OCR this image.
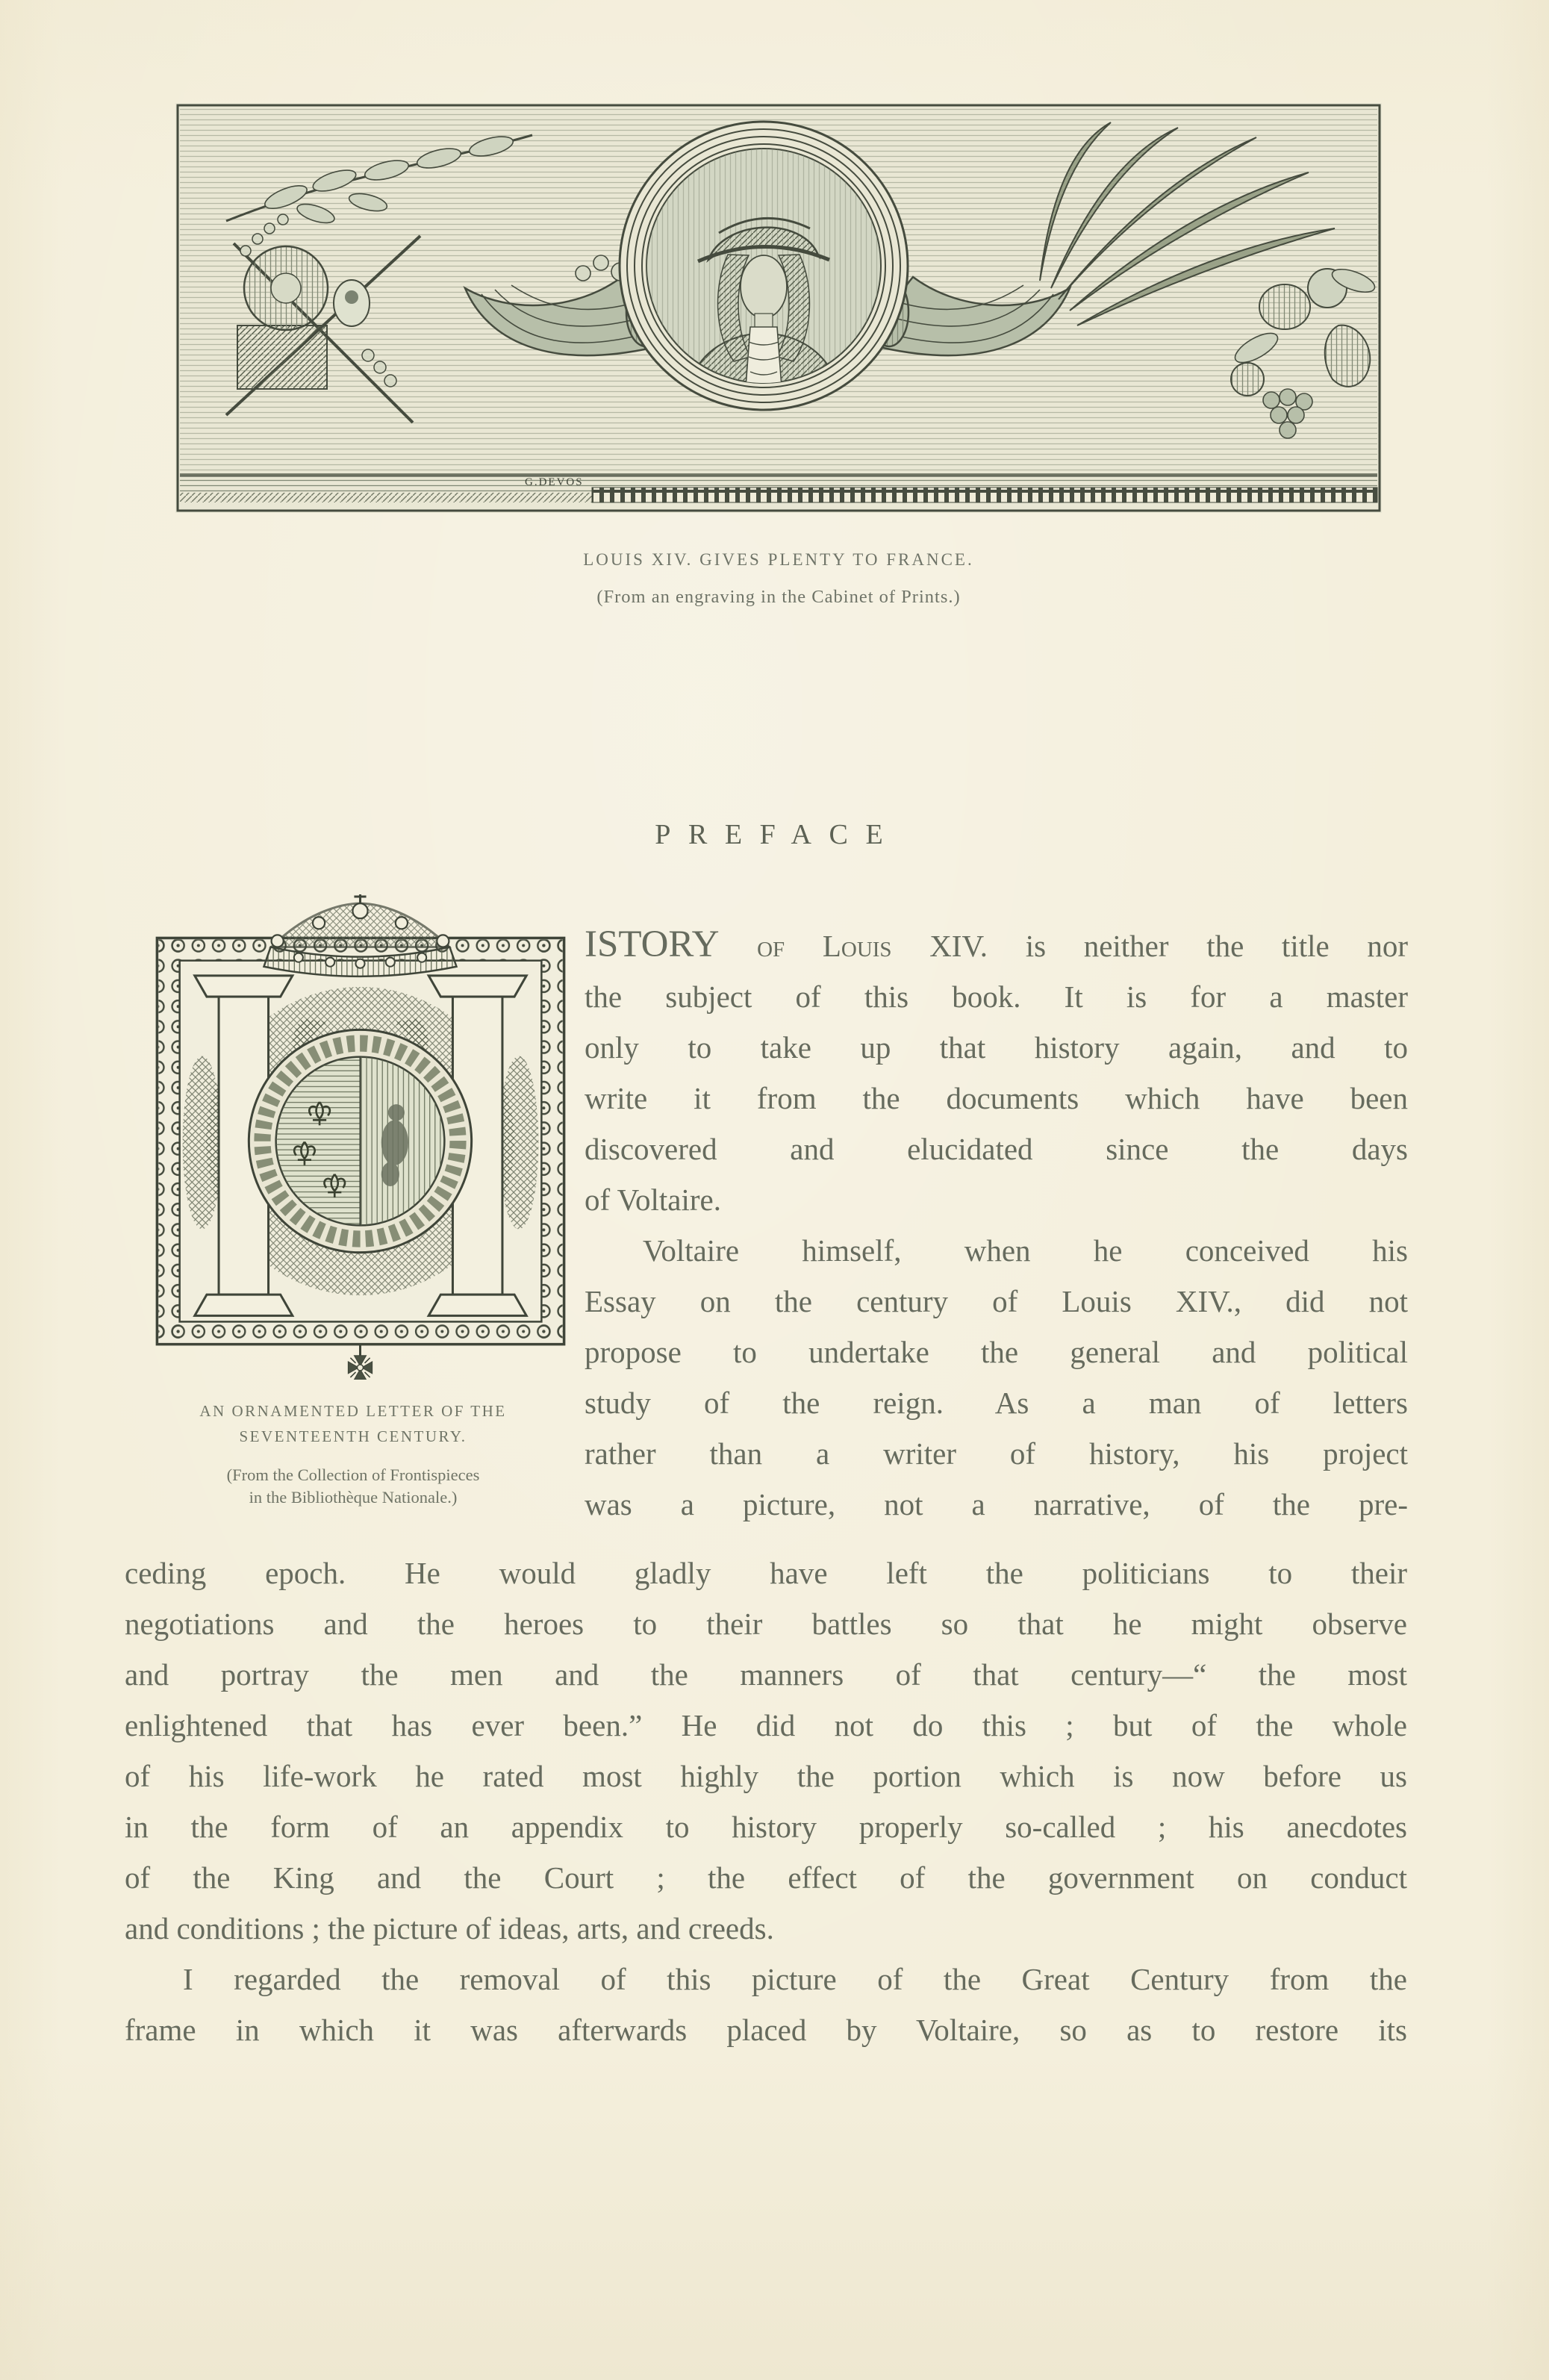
G.DEVOS
LOUIS XIV. GIVES PLENTY TO FRANCE.
(From an engraving in the Cabinet of Prints.)
PREFACE
AN ORNAMENTED LETTER OF THE
SEVENTEENTH CENTURY.
(From the Collection of Frontispieces
in the Bibliothèque Nationale.)
ISTORY of Louis XIV. is neither the title nor
the subject of this book. It is for a master
only to take up that history again, and to
write it from the documents which have been
discovered and elucidated since the days
of Voltaire.
Voltaire himself, when he conceived his
Essay on the century of Louis XIV., did not
propose to undertake the general and political
study of the reign. As a man of letters
rather than a writer of history, his project
was a picture, not a narrative, of the pre-
ceding epoch. He would gladly have left the politicians to their
negotiations and the heroes to their battles so that he might observe
and portray the men and the manners of that century—“ the most
enlightened that has ever been.” He did not do this ; but of the whole
of his life-work he rated most highly the portion which is now before us
in the form of an appendix to history properly so-called ; his anecdotes
of the King and the Court ; the effect of the government on conduct
and conditions ; the picture of ideas, arts, and creeds.
I regarded the removal of this picture of the Great Century from the
frame in which it was afterwards placed by Voltaire, so as to restore its
